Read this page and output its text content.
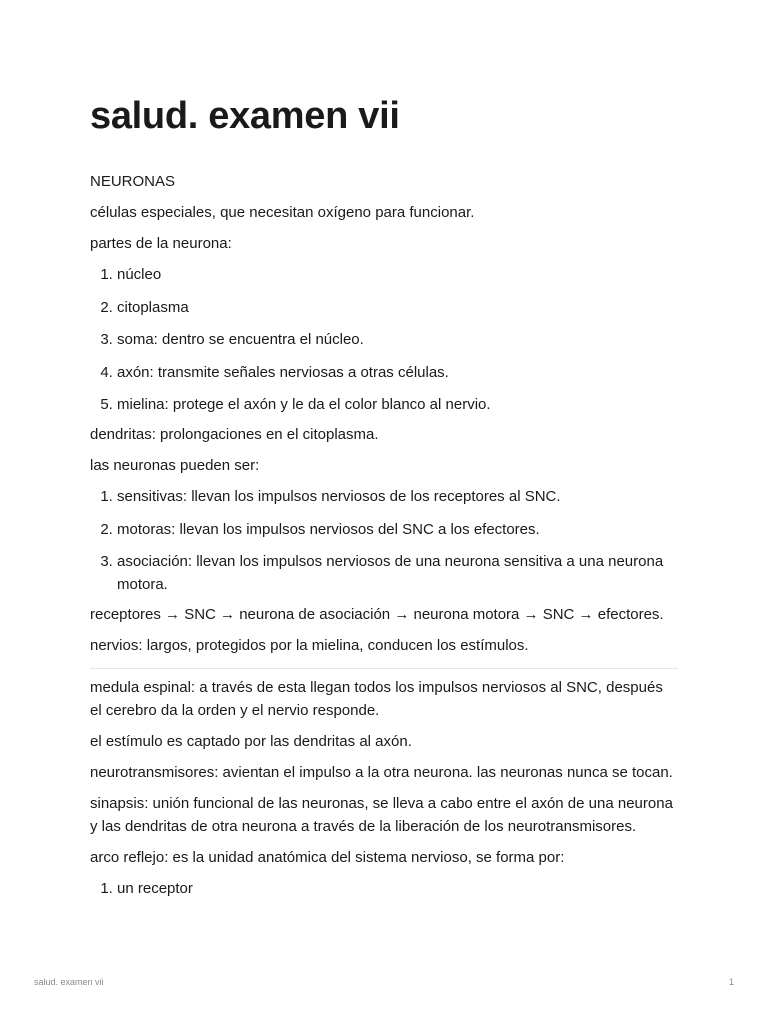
salud. examen vii

NEURONAS

células especiales, que necesitan oxígeno para funcionar.

partes de la neurona:

1. núcleo
2. citoplasma
3. soma: dentro se encuentra el núcleo.
4. axón: transmite señales nerviosas a otras células.
5. mielina: protege el axón y le da el color blanco al nervio.

dendritas: prolongaciones en el citoplasma.

las neuronas pueden ser:

1. sensitivas: llevan los impulsos nerviosos de los receptores al SNC.
2. motoras: llevan los impulsos nerviosos del SNC a los efectores.
3. asociación: llevan los impulsos nerviosos de una neurona sensitiva a una neurona motora.

receptores → SNC → neurona de asociación → neurona motora → SNC → efectores.

nervios: largos, protegidos por la mielina, conducen los estímulos.

medula espinal: a través de esta llegan todos los impulsos nerviosos al SNC, después el cerebro da la orden y el nervio responde.

el estímulo es captado por las dendritas al axón.

neurotransmisores: avientan el impulso a la otra neurona. las neuronas nunca se tocan.

sinapsis: unión funcional de las neuronas, se lleva a cabo entre el axón de una neurona y las dendritas de otra neurona a través de la liberación de los neurotransmisores.

arco reflejo: es la unidad anatómica del sistema nervioso, se forma por:

1. un receptor
salud. examen vii	1
